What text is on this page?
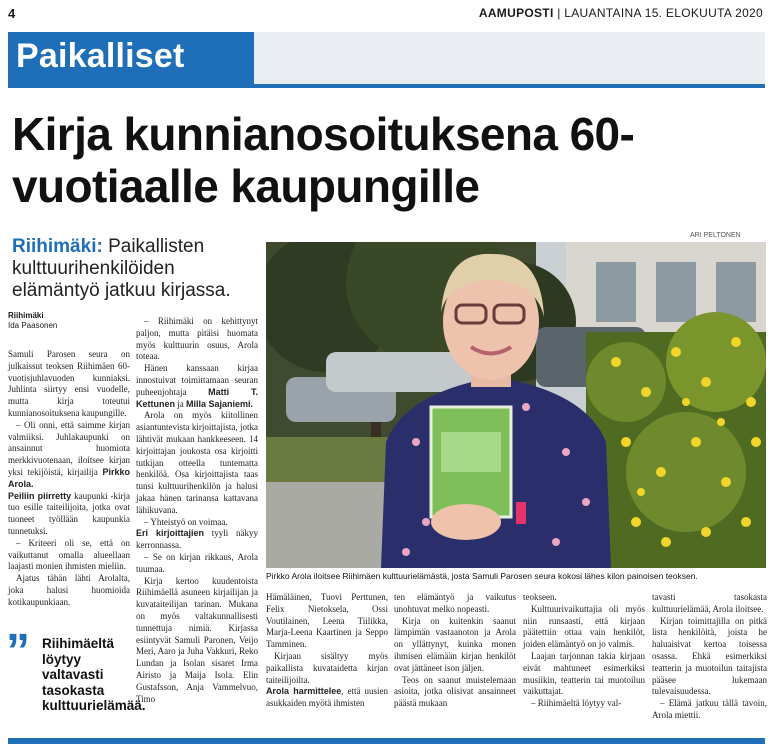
4	AAMUPOSTI | LAUANTAINA 15. ELOKUUTA 2020
Paikalliset
Kirja kunnianosoituksena 60-vuotiaalle kaupungille

Riihimäki: Paikallisten kulttuurihenkilöiden elämäntyö jatkuu kirjassa.

ARI PELTONEN
Riihimäki
Ida Paasonen

Samuli Parosen seura on julkaissut teoksen Riihimäen 60-vuotisjuhlavuoden kunniaksi. Juhlinta siirtyy ensi vuodelle, mutta kirja toteutui kunnianosoituksena kaupungille.

– Oli onni, että saimme kirjan valmiiksi. Juhlakaupunki on ansainnut huomiota merkkivuotenaan, iloitsee kirjan yksi tekijöistä, kirjailija Pirkko Arola.

Peiliin piirretty kaupunki -kirja tuo esille taiteilijoita, jotka ovat tuoneet työllään kaupunkia tunnetuksi.

– Kriteeri oli se, että on vaikuttanut omalla alueellaan laajasti monien ihmisten mieliin.

Ajatus tähän lähti Arolalta, joka halusi huomioida kotikaupunkiaan.

” Riihimäeltä löytyy valtavasti tasokasta kulttuurielämää.

– Riihimäki on kehittynyt paljon, mutta pitäisi huomata myös kulttuurin osuus, Arola toteaa.

Hänen kanssaan kirjaa innostuivat toimittamaan seuran puheenjohtaja Matti T. Kettunen ja Milla Sajaniemi.

Arola on myös kiitollinen asiantuntevista kirjoittajista, jotka lähtivät mukaan hankkeeseen. 14 kirjoittajan joukosta osa kirjoitti tutkijan otteella tuntematta henkilöä. Osa kirjoittajista taas tunsi kulttuurihenkilön ja halusi jakaa hänen tarinansa kattavana lähikuvana.

– Yhteistyö on voimaa.

Eri kirjoittajien tyyli näkyy kerronnassa.

– Se on kirjan rikkaus, Arola tuumaa.

Kirja kertoo kuudentoista Riihimäellä asuneen kirjailijan ja kuvataiteilijan tarinan. Mukana on myös valtakunnallisesti tunnettuja nimiä. Kirjassa esiintyvät Samuli Paronen, Veijo Meri, Aaro ja Juha Vakkuri, Reko Lundan ja Isolan sisaret Irma Airisto ja Maija Isola. Elin Gustafsson, Anja Vammelvuo, Timo

Pirkko Arola iloitsee Riihimäen kulttuurielämästä, josta Samuli Parosen seura kokosi lähes kilon painoisen teoksen.

Hämäläinen, Tuovi Perttunen, Felix Nietoksela, Ossi Voutilainen, Leena Tiilikka, Marja-Leena Kaartinen ja Seppo Tamminen.

Kirjaan sisältyy myös paikallista kuvataidetta kirjan taiteilijoilta.

Arola harmittelee, että uusien asukkaiden myötä ihmisten

ten elämäntyö ja vaikutus unohtuvat melko nopeasti.

Kirja on kuitenkin saanut lämpimän vastaanoton ja Arola on yllättynyt, kuinka monen ihmisen elämään kirjan henkilöt ovat jättäneet ison jäljen.

Teos on saanut muistelemaan asioita, jotka olisivat ansainneet päästä mukaan

teokseen.

Kulttuurivaikuttajia oli myös niin runsaasti, että kirjaan päätettiin ottaa vain henkilöt, joiden elämäntyö on jo valmis.

Laajan tarjonnan takia kirjaan eivät mahtuneet esimerkiksi musiikin, teatterin tai muotoilun vaikuttajat.

– Riihimäeltä löytyy val-

tavasti tasokasta kulttuurielämää, Arola iloitsee.

Kirjan toimittajilla on pitkä lista henkilöitä, joista he haluaisivat kertoa toisessa osassa. Ehkä esimerkiksi teatterin ja muotoilun taitajista pääsee lukemaan tulevaisuudessa.

– Elämä jatkuu tällä tavoin, Arola miettii.
